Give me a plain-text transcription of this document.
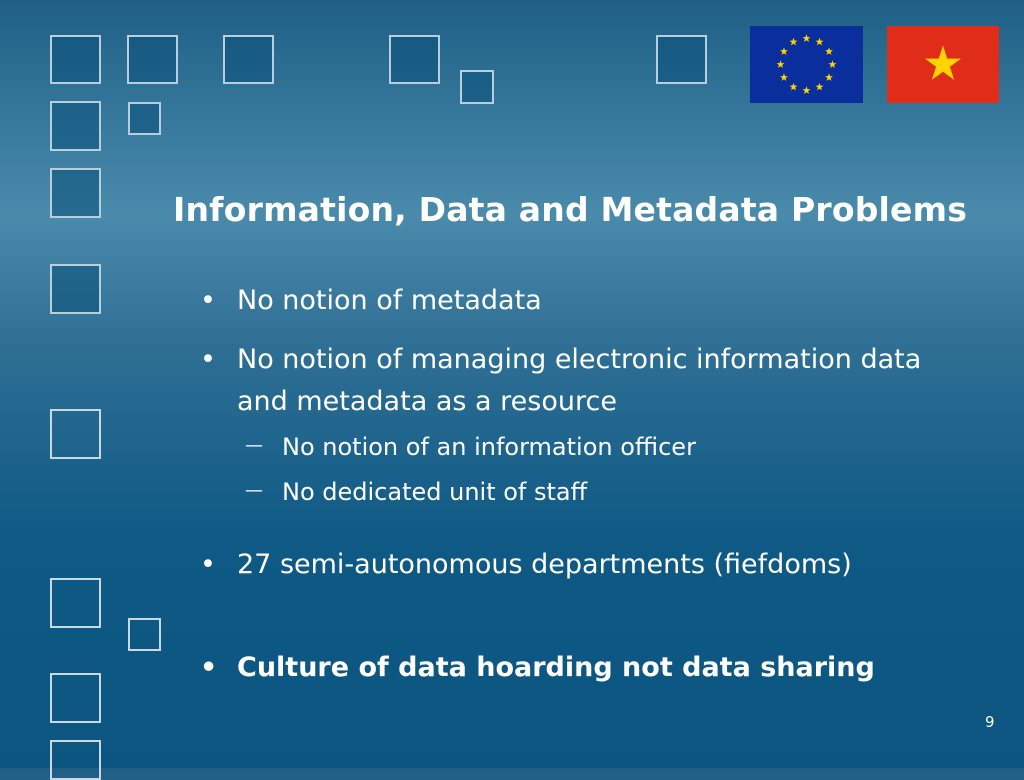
Information, Data and Metadata Problems
• No notion of metadata
• No notion of managing electronic information data and metadata as a resource
— No notion of an information officer
— No dedicated unit of staff
• 27 semi-autonomous departments (fiefdoms)
• Culture of data hoarding not data sharing
9
